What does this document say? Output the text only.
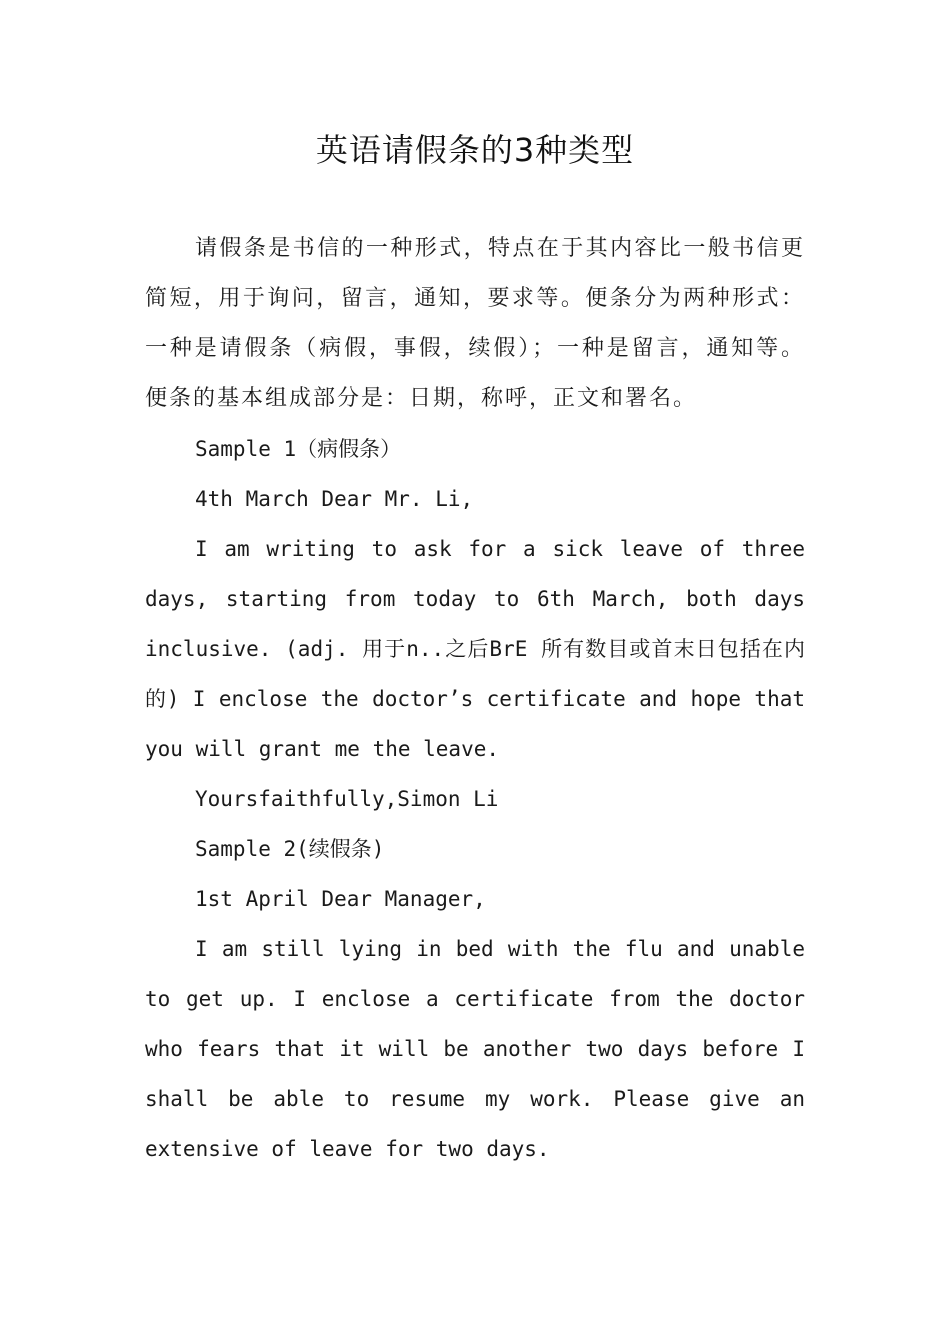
英语请假条的3种类型

请假条是书信的一种形式，特点在于其内容比一般书信更简短，用于询问，留言，通知，要求等。便条分为两种形式：一种是请假条（病假，事假，续假）；一种是留言，通知等。便条的基本组成部分是：日期，称呼，正文和署名。

Sample 1（病假条）

4th March Dear Mr. Li,

I am writing to ask for a sick leave of three days, starting from today to 6th March, both days inclusive. (adj. 用于n..之后BrE 所有数目或首末日包括在内的) I enclose the doctor’s certificate and hope that you will grant me the leave.

Yoursfaithfully,Simon Li

Sample 2(续假条)

1st April Dear Manager,

I am still lying in bed with the flu and unable to get up. I enclose a certificate from the doctor who fears that it will be another two days before I shall be able to resume my work. Please give an extensive of leave for two days.
